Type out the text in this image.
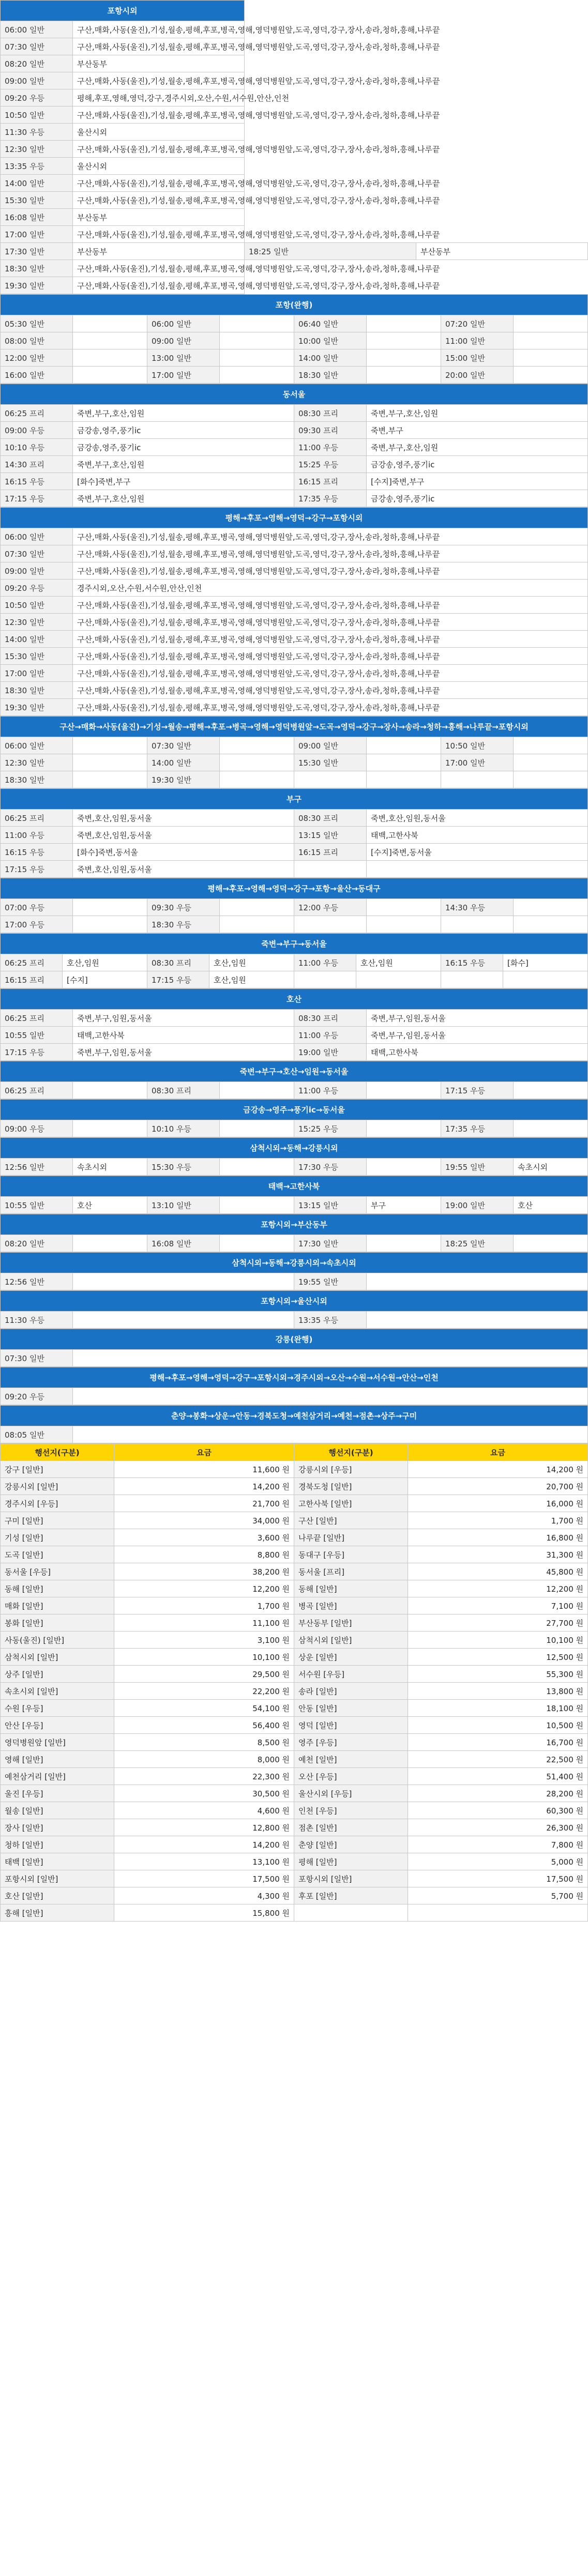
포항시외			
06:00 일반	구산,매화,사동(울진),기성,월송,평해,후포,병곡,영해,영덕병원앞,도곡,영덕,강구,장사,송라,청하,흥해,나루끝		
07:30 일반	구산,매화,사동(울진),기성,월송,평해,후포,병곡,영해,영덕병원앞,도곡,영덕,강구,장사,송라,청하,흥해,나루끝		
08:20 일반	부산동부		
09:00 일반	구산,매화,사동(울진),기성,월송,평해,후포,병곡,영해,영덕병원앞,도곡,영덕,강구,장사,송라,청하,흥해,나루끝		
09:20 우등	평해,후포,영해,영덕,강구,경주시외,오산,수원,서수원,안산,인천		
10:50 일반	구산,매화,사동(울진),기성,월송,평해,후포,병곡,영해,영덕병원앞,도곡,영덕,강구,장사,송라,청하,흥해,나루끝		
11:30 우등	울산시외		
12:30 일반	구산,매화,사동(울진),기성,월송,평해,후포,병곡,영해,영덕병원앞,도곡,영덕,강구,장사,송라,청하,흥해,나루끝		
13:35 우등	울산시외		
14:00 일반	구산,매화,사동(울진),기성,월송,평해,후포,병곡,영해,영덕병원앞,도곡,영덕,강구,장사,송라,청하,흥해,나루끝		
15:30 일반	구산,매화,사동(울진),기성,월송,평해,후포,병곡,영해,영덕병원앞,도곡,영덕,강구,장사,송라,청하,흥해,나루끝		
16:08 일반	부산동부		
17:00 일반	구산,매화,사동(울진),기성,월송,평해,후포,병곡,영해,영덕병원앞,도곡,영덕,강구,장사,송라,청하,흥해,나루끝		
17:30 일반	부산동부	18:25 일반	부산동부
18:30 일반	구산,매화,사동(울진),기성,월송,평해,후포,병곡,영해,영덕병원앞,도곡,영덕,강구,장사,송라,청하,흥해,나루끝		
19:30 일반	구산,매화,사동(울진),기성,월송,평해,후포,병곡,영해,영덕병원앞,도곡,영덕,강구,장사,송라,청하,흥해,나루끝		
포항(완행)							
05:30 일반		06:00 일반		06:40 일반		07:20 일반	
08:00 일반		09:00 일반		10:00 일반		11:00 일반	
12:00 일반		13:00 일반		14:00 일반		15:00 일반	
16:00 일반		17:00 일반		18:30 일반		20:00 일반	
동서울			
06:25 프리	죽변,부구,호산,임원	08:30 프리	죽변,부구,호산,임원
09:00 우등	금강송,영주,풍기ic	09:30 프리	죽변,부구
10:10 우등	금강송,영주,풍기ic	11:00 우등	죽변,부구,호산,임원
14:30 프리	죽변,부구,호산,임원	15:25 우등	금강송,영주,풍기ic
16:15 우등	[화수]죽변,부구	16:15 프리	[수지]죽변,부구
17:15 우등	죽변,부구,호산,임원	17:35 우등	금강송,영주,풍기ic
평해→후포→영해→영덕→강구→포항시외	
06:00 일반	구산,매화,사동(울진),기성,월송,평해,후포,병곡,영해,영덕병원앞,도곡,영덕,강구,장사,송라,청하,흥해,나루끝
07:30 일반	구산,매화,사동(울진),기성,월송,평해,후포,병곡,영해,영덕병원앞,도곡,영덕,강구,장사,송라,청하,흥해,나루끝
09:00 일반	구산,매화,사동(울진),기성,월송,평해,후포,병곡,영해,영덕병원앞,도곡,영덕,강구,장사,송라,청하,흥해,나루끝
09:20 우등	경주시외,오산,수원,서수원,안산,인천
10:50 일반	구산,매화,사동(울진),기성,월송,평해,후포,병곡,영해,영덕병원앞,도곡,영덕,강구,장사,송라,청하,흥해,나루끝
12:30 일반	구산,매화,사동(울진),기성,월송,평해,후포,병곡,영해,영덕병원앞,도곡,영덕,강구,장사,송라,청하,흥해,나루끝
14:00 일반	구산,매화,사동(울진),기성,월송,평해,후포,병곡,영해,영덕병원앞,도곡,영덕,강구,장사,송라,청하,흥해,나루끝
15:30 일반	구산,매화,사동(울진),기성,월송,평해,후포,병곡,영해,영덕병원앞,도곡,영덕,강구,장사,송라,청하,흥해,나루끝
17:00 일반	구산,매화,사동(울진),기성,월송,평해,후포,병곡,영해,영덕병원앞,도곡,영덕,강구,장사,송라,청하,흥해,나루끝
18:30 일반	구산,매화,사동(울진),기성,월송,평해,후포,병곡,영해,영덕병원앞,도곡,영덕,강구,장사,송라,청하,흥해,나루끝
19:30 일반	구산,매화,사동(울진),기성,월송,평해,후포,병곡,영해,영덕병원앞,도곡,영덕,강구,장사,송라,청하,흥해,나루끝
구산→매화→사동(울진)→기성→월송→평해→후포→병곡→영해→영덕병원앞→도곡→영덕→강구→장사→송라→청하→흥해→나루끝→포항시외							
06:00 일반		07:30 일반		09:00 일반		10:50 일반	
12:30 일반		14:00 일반		15:30 일반		17:00 일반	
18:30 일반		19:30 일반					
부구			
06:25 프리	죽변,호산,임원,동서울	08:30 프리	죽변,호산,임원,동서울
11:00 우등	죽변,호산,임원,동서울	13:15 일반	태백,고한사북
16:15 우등	[화수]죽변,동서울	16:15 프리	[수지]죽변,동서울
17:15 우등	죽변,호산,임원,동서울		
평해→후포→영해→영덕→강구→포항→울산→동대구							
07:00 우등		09:30 우등		12:00 우등		14:30 우등	
17:00 우등		18:30 우등					
죽변→부구→동서울							
06:25 프리	호산,임원	08:30 프리	호산,임원	11:00 우등	호산,임원	16:15 우등	[화수]
16:15 프리	[수지]	17:15 우등	호산,임원				
호산			
06:25 프리	죽변,부구,임원,동서울	08:30 프리	죽변,부구,임원,동서울
10:55 일반	태백,고한사북	11:00 우등	죽변,부구,임원,동서울
17:15 우등	죽변,부구,임원,동서울	19:00 일반	태백,고한사북
죽변→부구→호산→임원→동서울
06:25 프리		08:30 프리		11:00 우등		17:15 우등	
금강송→영주→풍기ic→동서울
09:00 우등		10:10 우등		15:25 우등		17:35 우등	
삼척시외→동해→강릉시외
12:56 일반	속초시외	15:30 우등		17:30 우등		19:55 일반	속초시외
태백→고한사북
10:55 일반	호산	13:10 일반		13:15 일반	부구	19:00 일반	호산
포항시외→부산동부
08:20 일반		16:08 일반		17:30 일반		18:25 일반	
삼척시외→동해→강릉시외→속초시외
12:56 일반		19:55 일반	
포항시외→울산시외
11:30 우등		13:35 우등	
강릉(완행)
07:30 일반	
평해→후포→영해→영덕→강구→포항시외→경주시외→오산→수원→서수원→안산→인천
09:20 우등	
춘양→봉화→상운→안동→경북도청→예천삼거리→예천→점촌→상주→구미
08:05 일반	
행선지(구분)	요금	행선지(구분)	요금
강구 [일반]	11,600 원	강릉시외 [우등]	14,200 원
강릉시외 [일반]	14,200 원	경북도청 [일반]	20,700 원
경주시외 [우등]	21,700 원	고한사북 [일반]	16,000 원
구미 [일반]	34,000 원	구산 [일반]	1,700 원
기성 [일반]	3,600 원	나루끝 [일반]	16,800 원
도곡 [일반]	8,800 원	동대구 [우등]	31,300 원
동서울 [우등]	38,200 원	동서울 [프리]	45,800 원
동해 [일반]	12,200 원	동해 [일반]	12,200 원
매화 [일반]	1,700 원	병곡 [일반]	7,100 원
봉화 [일반]	11,100 원	부산동부 [일반]	27,700 원
사동(울진) [일반]	3,100 원	삼척시외 [일반]	10,100 원
삼척시외 [일반]	10,100 원	상운 [일반]	12,500 원
상주 [일반]	29,500 원	서수원 [우등]	55,300 원
속초시외 [일반]	22,200 원	송라 [일반]	13,800 원
수원 [우등]	54,100 원	안동 [일반]	18,100 원
안산 [우등]	56,400 원	영덕 [일반]	10,500 원
영덕병원앞 [일반]	8,500 원	영주 [우등]	16,700 원
영해 [일반]	8,000 원	예천 [일반]	22,500 원
예천삼거리 [일반]	22,300 원	오산 [우등]	51,400 원
울진 [우등]	30,500 원	울산시외 [우등]	28,200 원
월송 [일반]	4,600 원	인천 [우등]	60,300 원
장사 [일반]	12,800 원	점촌 [일반]	26,300 원
청하 [일반]	14,200 원	춘양 [일반]	7,800 원
태백 [일반]	13,100 원	평해 [일반]	5,000 원
포항시외 [일반]	17,500 원	포항시외 [일반]	17,500 원
호산 [일반]	4,300 원	후포 [일반]	5,700 원
흥해 [일반]	15,800 원		
